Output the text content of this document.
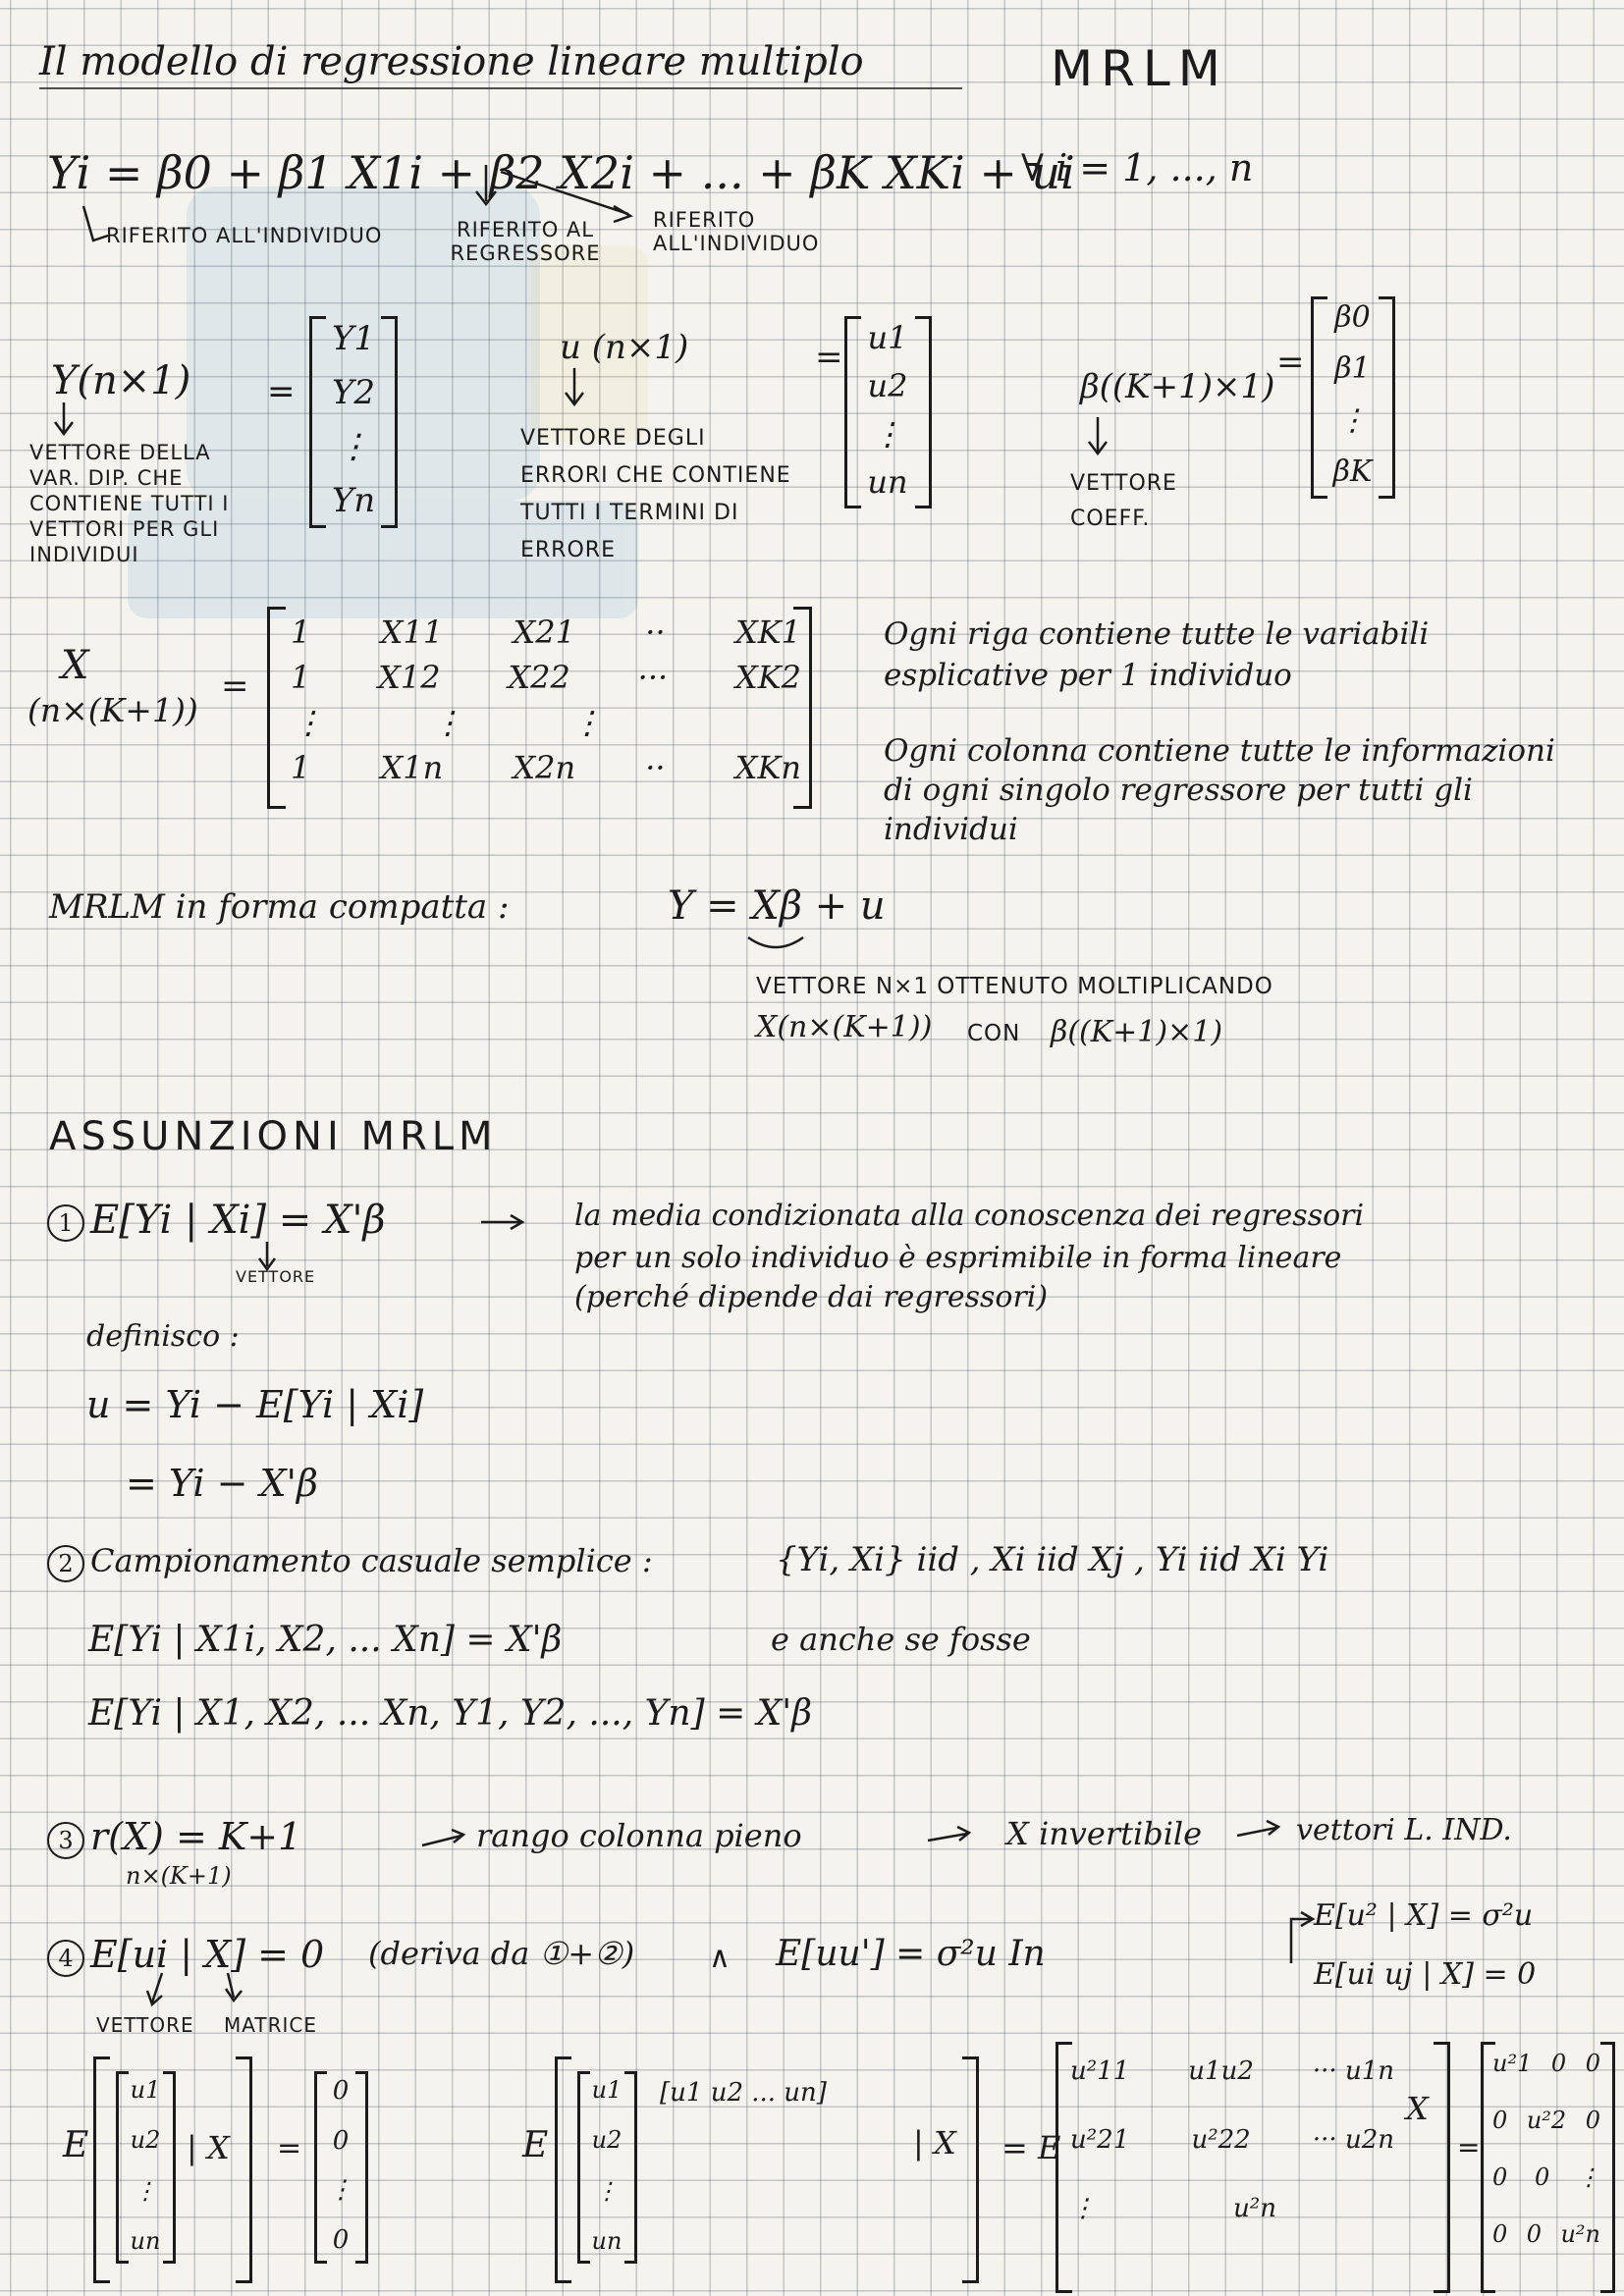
Il modello di regressione lineare multiplo	MRLM
Yi = β0 + β1 X1i + β2 X2i + ... + βK XKi + ui
∀ i = 1, ..., n
RIFERITO ALL'INDIVIDUO	RIFERITO AL REGRESSORE
RIFERITO ALL'INDIVIDUO
Y(n×1) =
Y1
Y2
⋮
Yn
VETTORE DELLA
VAR. DIP. CHE
CONTIENE TUTTI I
VETTORI PER GLI
INDIVIDUI
u (n×1)	= u1
u2
⋮
un
VETTORE DEGLI
ERRORI CHE CONTIENE
TUTTI I TERMINI DI
ERRORE
β((K+1)×1)
=
β0
β1
⋮
βK
VETTORE
COEFF.
X
(n×(K+1))
=
1 X11 X21 ·· XK1
1 X12 X22 ··· XK2
⋮	⋮	⋮
1 X1n X2n ·· XKn
Ogni riga contiene tutte le variabili esplicative per 1 individuo
Ogni colonna contiene tutte le informazioni di ogni singolo regressore per tutti gli individui
MRLM in forma compatta :	Y = Xβ + u
VETTORE N×1 OTTENUTO MOLTIPLICANDO
X(n×(K+1)) CON β((K+1)×1)
ASSUNZIONI MRLM
1 E[Yi | Xi] = X'β
VETTORE
la media condizionata alla conoscenza dei regressori
per un solo individuo è esprimibile in forma lineare
(perché dipende dai regressori)
definisco :
u = Yi − E[Yi | Xi]
= Yi − X'β
2 Campionamento casuale semplice :	{Yi, Xi} iid , Xi iid Xj , Yi iid Xi Yi
E[Yi | X1i, X2, ... Xn] = X'β	e anche se fosse
E[Yi | X1, X2, ... Xn, Y1, Y2, ..., Yn] = X'β
3 r(X) = K+1
n×(K+1)
rango colonna pieno	X invertibile	vettori L. IND.
4 E[ui | X] = 0 (deriva da ①+②)	∧ E[uu'] = σ²u In
VETTORE MATRICE
E[u² | X] = σ²u
E[ui uj | X] = 0
E
u1
u2
⋮
un
| X =
0
0
⋮
0
E
u1
u2
⋮
un
[u1 u2 ... un]
| X = E
u²11 u1u2 ··· u1n
u²21 u²22 ··· u2n
⋮	u²n
X
=
u²1 0 0
0 u²2 0
0 0 ⋮
0 0 u²n
